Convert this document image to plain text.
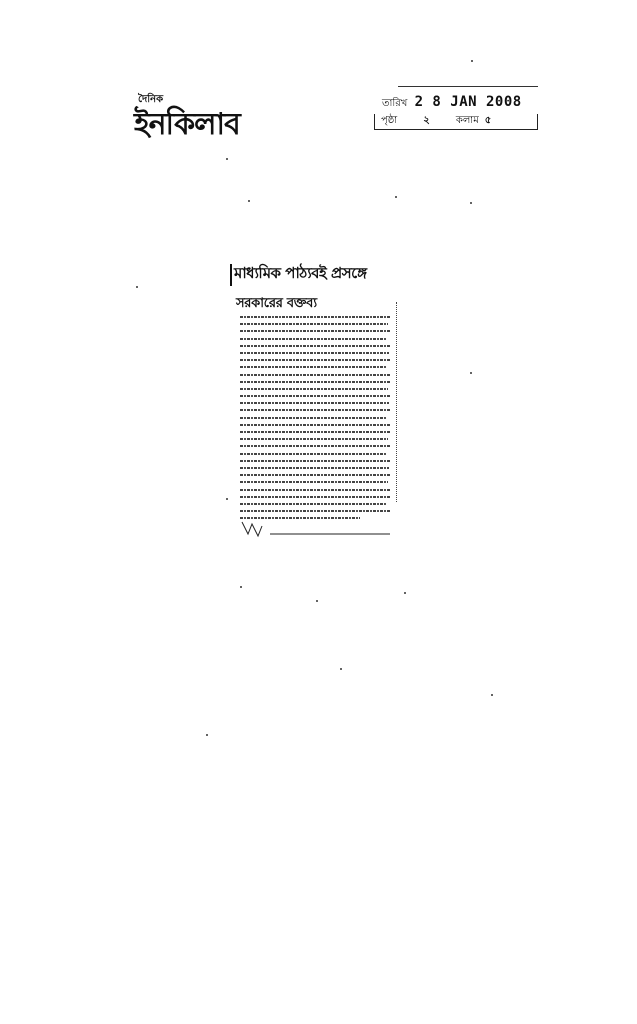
দৈনিক
ইনকিলাব
তারিখ 2 8 JAN 2008
পৃষ্ঠা	২	কলাম ৫
মাধ্যমিক পাঠ্যবই প্রসঙ্গে
সরকারের বক্তব্য
